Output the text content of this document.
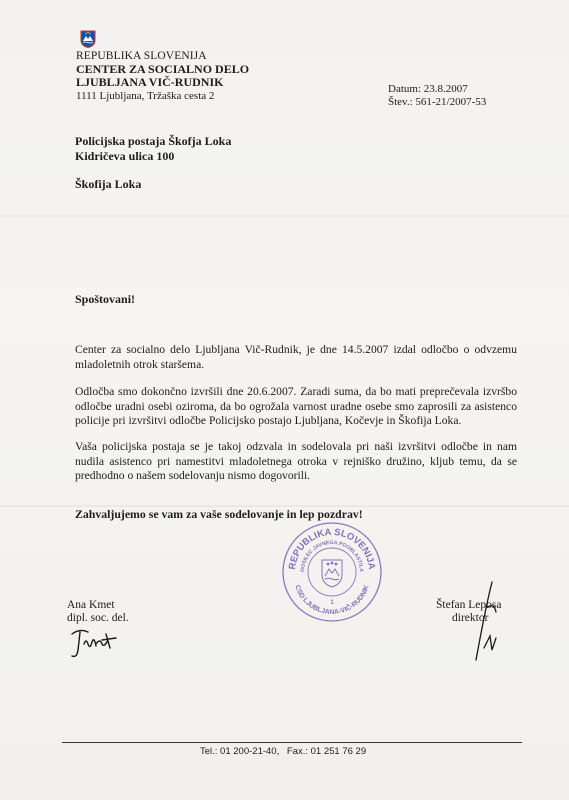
REPUBLIKA SLOVENIJA
CENTER ZA SOCIALNO DELO
LJUBLJANA VIČ-RUDNIK
1111 Ljubljana, Tržaška cesta 2
Datum: 23.8.2007
Štev.: 561-21/2007-53
Policijska postaja Škofja Loka
Kidričeva ulica 100
Škofija Loka
Spoštovani!
Center za socialno delo Ljubljana Vič-Rudnik, je dne 14.5.2007 izdal odločbo o odvzemu mladoletnih otrok staršema.
Odločba smo dokončno izvršili dne 20.6.2007. Zaradi suma, da bo mati preprečevala izvršbo odločbe uradni osebi oziroma, da bo ogrožala varnost uradne osebe smo zaprosili za asistenco policije pri izvršitvi odločbe Policijsko postajo Ljubljana, Kočevje in Škofija Loka.
Vaša policijska postaja se je takoj odzvala in sodelovala pri naši izvršitvi odločbe in nam nudila asistenco pri namestitvi mladoletnega otroka v rejniško družino, kljub temu, da se predhodno o našem sodelovanju nismo dogovorili.
Zahvaljujemo se vam za vaše sodelovanje in lep pozdrav!
REPUBLIKA SLOVENIJA
NOSILEC JAVNEGA POOBLASTILA
CSD LJUBLJANA-VIČ-RUDNIK
1
Ana Kmet
dipl. soc. del.
Štefan Leposa
direktor
Tel.: 01 200-21-40, Fax.: 01 251 76 29
